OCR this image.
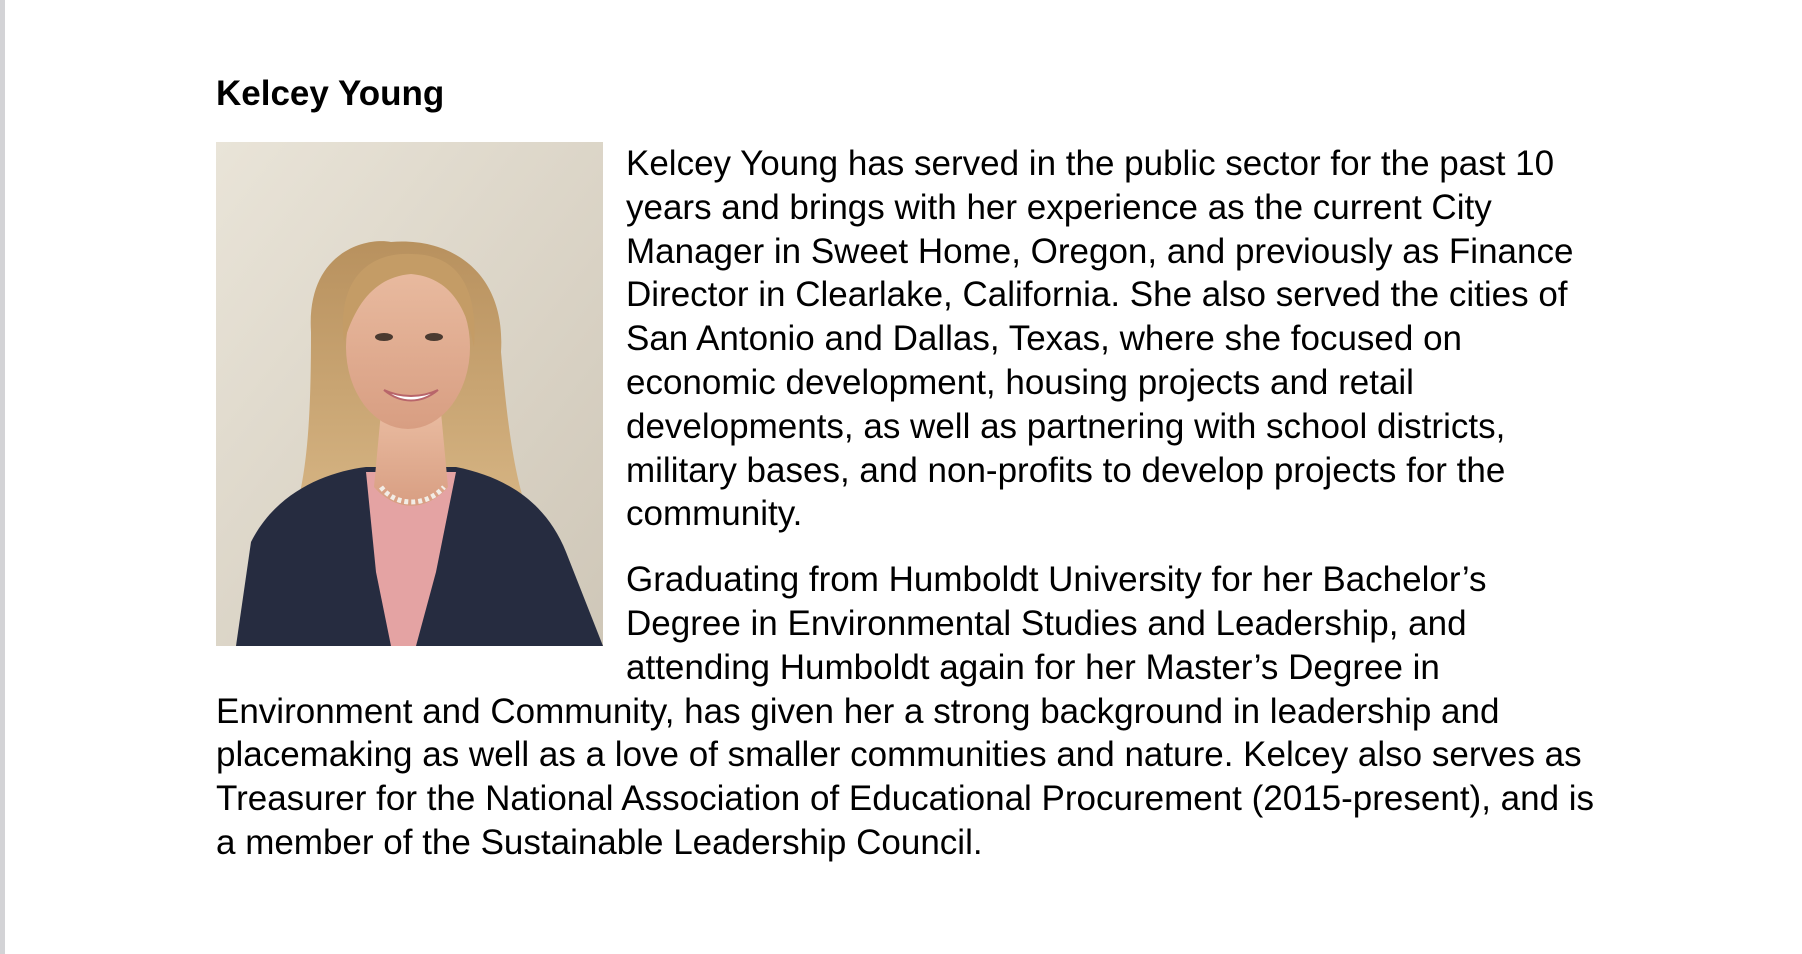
Kelcey Young

Kelcey Young has served in the public sector for the past 10 years and brings with her experience as the current City Manager in Sweet Home, Oregon, and previously as Finance Director in Clearlake, California. She also served the cities of San Antonio and Dallas, Texas, where she focused on economic development, housing projects and retail developments, as well as partnering with school districts, military bases, and non-profits to develop projects for the community.

Graduating from Humboldt University for her Bachelor’s Degree in Environmental Studies and Leadership, and attending Humboldt again for her Master’s Degree in Environment and Community, has given her a strong background in leadership and placemaking as well as a love of smaller communities and nature. Kelcey also serves as Treasurer for the National Association of Educational Procurement (2015-present), and is a member of the Sustainable Leadership Council.
